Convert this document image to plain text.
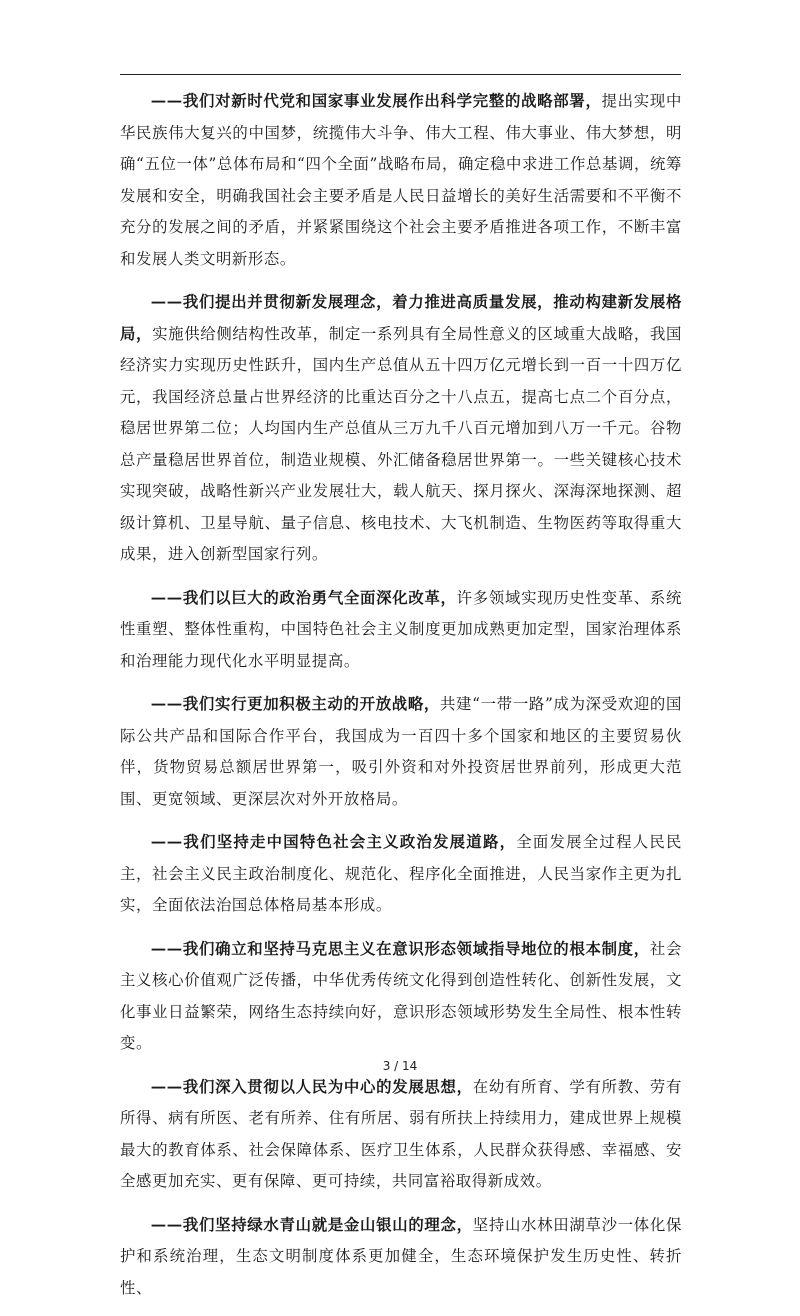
——我们对新时代党和国家事业发展作出科学完整的战略部署，提出实现中华民族伟大复兴的中国梦，统揽伟大斗争、伟大工程、伟大事业、伟大梦想，明确“五位一体”总体布局和“四个全面”战略布局，确定稳中求进工作总基调，统筹发展和安全，明确我国社会主要矛盾是人民日益增长的美好生活需要和不平衡不充分的发展之间的矛盾，并紧紧围绕这个社会主要矛盾推进各项工作，不断丰富和发展人类文明新形态。

——我们提出并贯彻新发展理念，着力推进高质量发展，推动构建新发展格局，实施供给侧结构性改革，制定一系列具有全局性意义的区域重大战略，我国经济实力实现历史性跃升，国内生产总值从五十四万亿元增长到一百一十四万亿元，我国经济总量占世界经济的比重达百分之十八点五，提高七点二个百分点，稳居世界第二位；人均国内生产总值从三万九千八百元增加到八万一千元。谷物总产量稳居世界首位，制造业规模、外汇储备稳居世界第一。一些关键核心技术实现突破，战略性新兴产业发展壮大，载人航天、探月探火、深海深地探测、超级计算机、卫星导航、量子信息、核电技术、大飞机制造、生物医药等取得重大成果，进入创新型国家行列。

——我们以巨大的政治勇气全面深化改革，许多领域实现历史性变革、系统性重塑、整体性重构，中国特色社会主义制度更加成熟更加定型，国家治理体系和治理能力现代化水平明显提高。

——我们实行更加积极主动的开放战略，共建“一带一路”成为深受欢迎的国际公共产品和国际合作平台，我国成为一百四十多个国家和地区的主要贸易伙伴，货物贸易总额居世界第一，吸引外资和对外投资居世界前列，形成更大范围、更宽领域、更深层次对外开放格局。

——我们坚持走中国特色社会主义政治发展道路，全面发展全过程人民民主，社会主义民主政治制度化、规范化、程序化全面推进，人民当家作主更为扎实，全面依法治国总体格局基本形成。

——我们确立和坚持马克思主义在意识形态领域指导地位的根本制度，社会主义核心价值观广泛传播，中华优秀传统文化得到创造性转化、创新性发展，文化事业日益繁荣，网络生态持续向好，意识形态领域形势发生全局性、根本性转变。

——我们深入贯彻以人民为中心的发展思想，在幼有所育、学有所教、劳有所得、病有所医、老有所养、住有所居、弱有所扶上持续用力，建成世界上规模最大的教育体系、社会保障体系、医疗卫生体系，人民群众获得感、幸福感、安全感更加充实、更有保障、更可持续，共同富裕取得新成效。

——我们坚持绿水青山就是金山银山的理念，坚持山水林田湖草沙一体化保护和系统治理，生态文明制度体系更加健全，生态环境保护发生历史性、转折性、

3 / 14
